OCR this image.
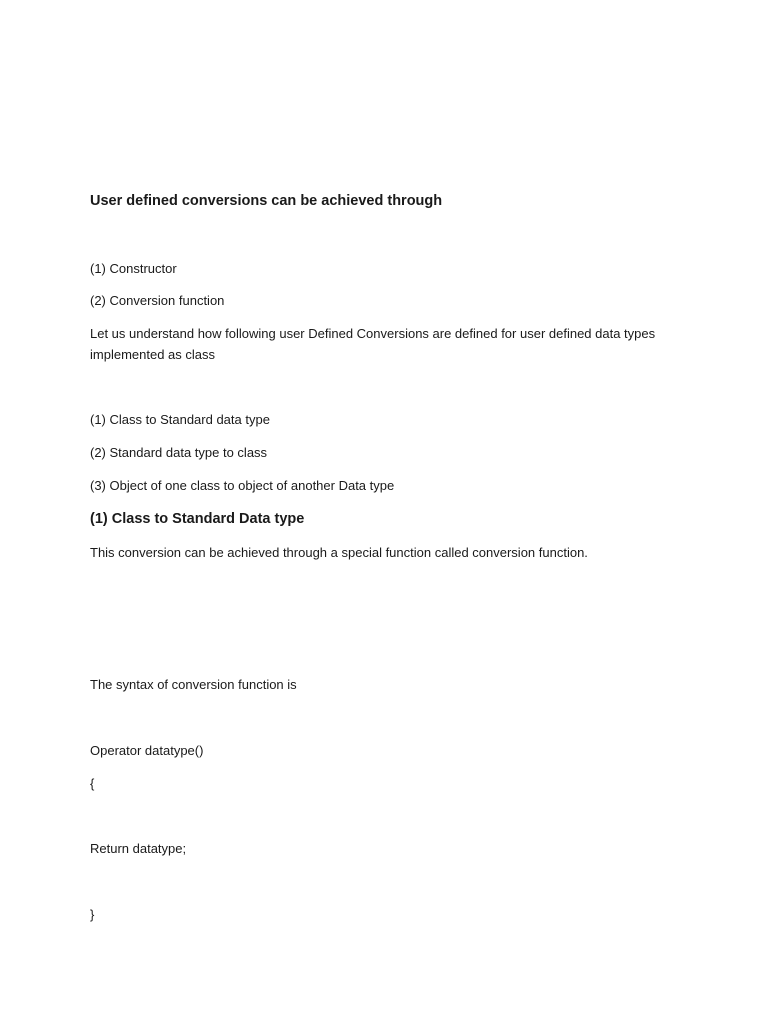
User defined conversions can be achieved through

(1) Constructor

(2) Conversion function

Let us understand how following user Defined Conversions are defined for user defined data types implemented as class

(1) Class to Standard data type

(2) Standard data type to class

(3) Object of one class to object of another Data type

(1) Class to Standard Data type

This conversion can be achieved through a special function called conversion function.

The syntax of conversion function is

Operator datatype()

{

Return datatype;

}
